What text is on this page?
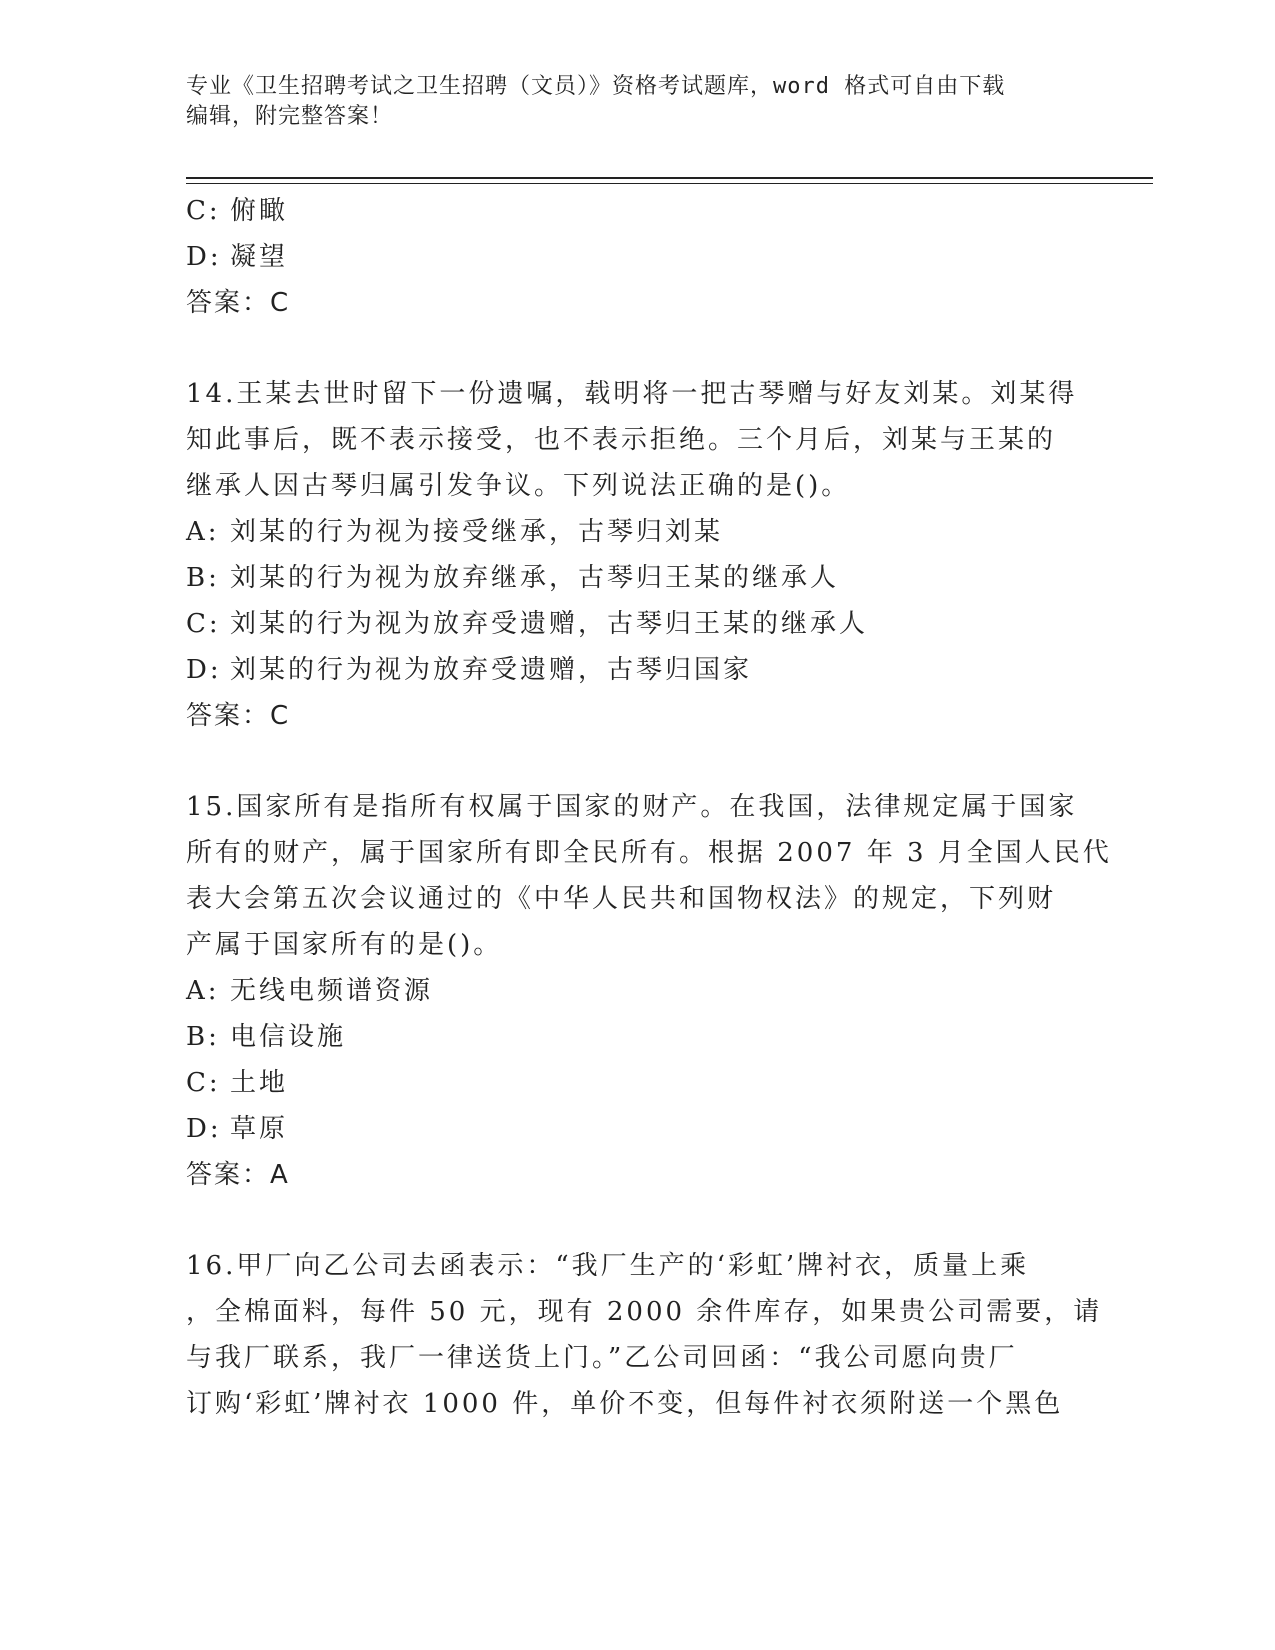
专业《卫生招聘考试之卫生招聘（文员）》资格考试题库，word 格式可自由下载
编辑，附完整答案！
C: 俯瞰
D: 凝望
答案：C
14.王某去世时留下一份遗嘱，载明将一把古琴赠与好友刘某。刘某得
知此事后，既不表示接受，也不表示拒绝。三个月后，刘某与王某的
继承人因古琴归属引发争议。下列说法正确的是()。
A: 刘某的行为视为接受继承，古琴归刘某
B: 刘某的行为视为放弃继承，古琴归王某的继承人
C: 刘某的行为视为放弃受遗赠，古琴归王某的继承人
D: 刘某的行为视为放弃受遗赠，古琴归国家
答案：C
15.国家所有是指所有权属于国家的财产。在我国，法律规定属于国家
所有的财产，属于国家所有即全民所有。根据 2007 年 3 月全国人民代
表大会第五次会议通过的《中华人民共和国物权法》的规定，下列财
产属于国家所有的是()。
A: 无线电频谱资源
B: 电信设施
C: 土地
D: 草原
答案：A
16.甲厂向乙公司去函表示：“我厂生产的‘彩虹’牌衬衣，质量上乘
，全棉面料，每件 50 元，现有 2000 余件库存，如果贵公司需要，请
与我厂联系，我厂一律送货上门。”乙公司回函：“我公司愿向贵厂
订购‘彩虹’牌衬衣 1000 件，单价不变，但每件衬衣须附送一个黑色
